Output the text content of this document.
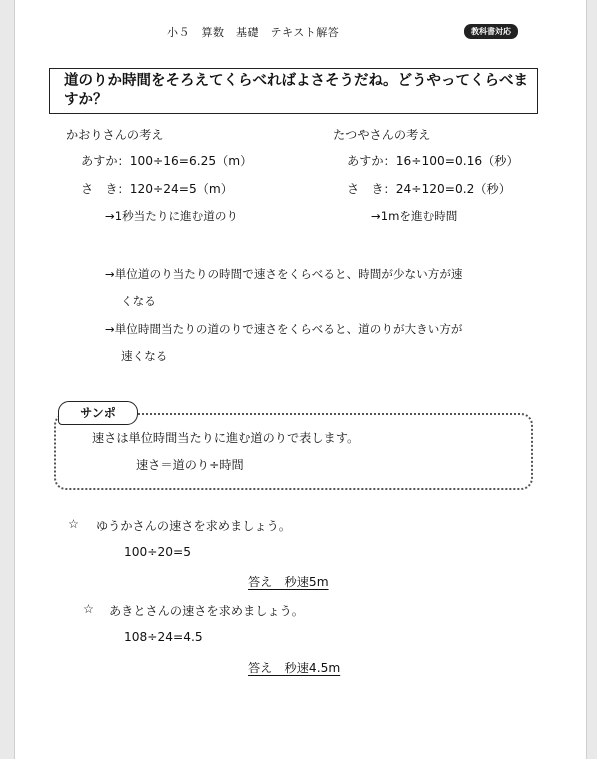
小５　算数　基礎　テキスト解答	教科書対応
道のりか時間をそろえてくらべればよさそうだね。どうやってくらべますか？
かおりさんの考え
あすか：100÷16=6.25（m）
さ　き：120÷24=5（m）
→1秒当たりに進む道のり
たつやさんの考え
あすか：16÷100=0.16（秒）
さ　き：24÷120=0.2（秒）
→1mを進む時間
→単位道のり当たりの時間で速さをくらべると、時間が少ない方が速
くなる
→単位時間当たりの道のりで速さをくらべると、道のりが大きい方が
速くなる
サンポ
速さは単位時間当たりに進む道のりで表します。
速さ＝道のり÷時間
☆ ゆうかさんの速さを求めましょう。
100÷20=5
答え　秒速5m
☆ あきとさんの速さを求めましょう。
108÷24=4.5
答え　秒速4.5m
